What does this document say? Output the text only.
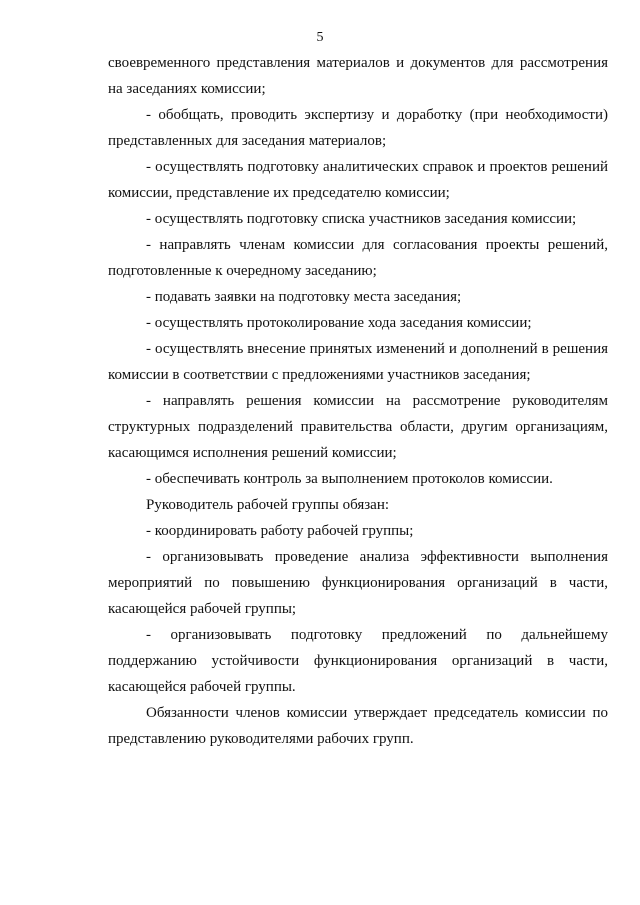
5

своевременного представления материалов и документов для рассмотрения на заседаниях комиссии;

- обобщать, проводить экспертизу и доработку (при необходимости) представленных для заседания материалов;

- осуществлять подготовку аналитических справок и проектов решений комиссии, представление их председателю комиссии;

- осуществлять подготовку списка участников заседания комиссии;

- направлять членам комиссии для согласования проекты решений, подготовленные к очередному заседанию;

- подавать заявки на подготовку места заседания;

- осуществлять протоколирование хода заседания комиссии;

- осуществлять внесение принятых изменений и дополнений в решения комиссии в соответствии с предложениями участников заседания;

- направлять решения комиссии на рассмотрение руководителям структурных подразделений правительства области, другим организациям, касающимся исполнения решений комиссии;

- обеспечивать контроль за выполнением протоколов комиссии.

Руководитель рабочей группы обязан:

- координировать работу рабочей группы;

- организовывать проведение анализа эффективности выполнения мероприятий по повышению функционирования организаций в части, касающейся рабочей группы;

- организовывать подготовку предложений по дальнейшему поддержанию устойчивости функционирования организаций в части, касающейся рабочей группы.

Обязанности членов комиссии утверждает председатель комиссии по представлению руководителями рабочих групп.
